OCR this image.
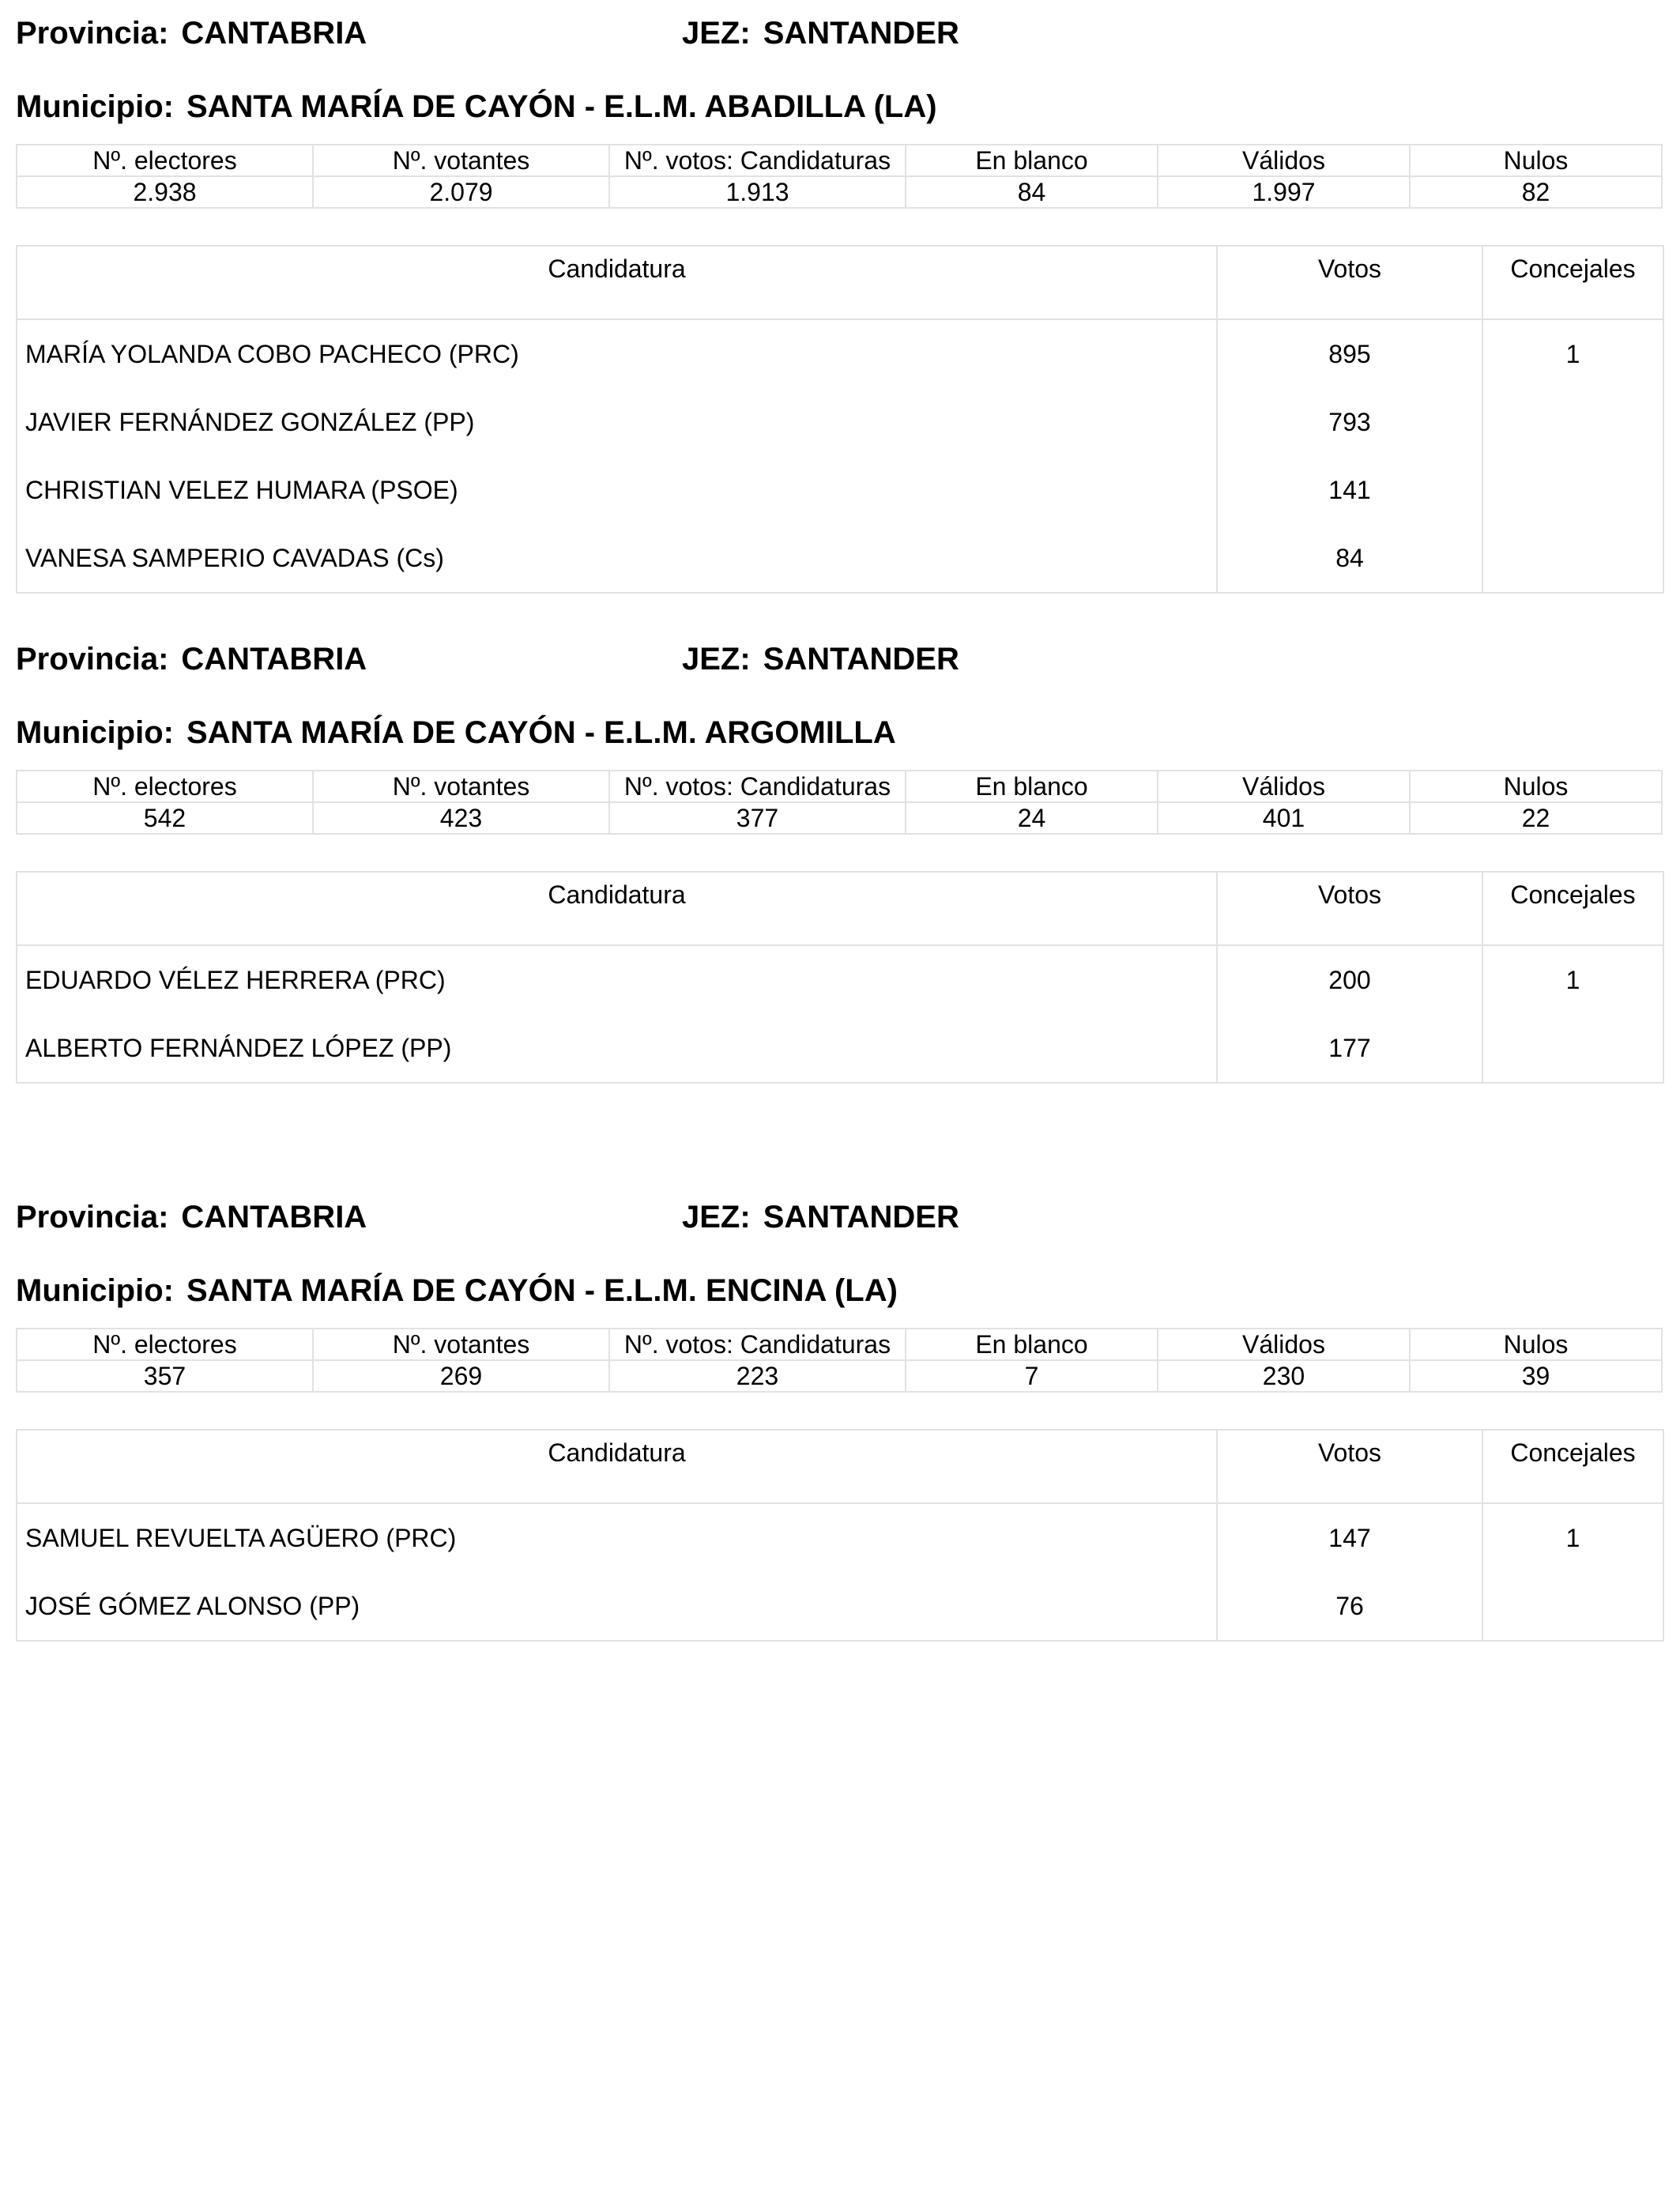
Provincia: CANTABRIA	JEZ: SANTANDER
Municipio: SANTA MARÍA DE CAYÓN - E.L.M. ABADILLA (LA)
Nº. electores	Nº. votantes	Nº. votos: Candidaturas	En blanco	Válidos	Nulos
2.938	2.079	1.913	84	1.997	82
Candidatura	Votos	Concejales
MARÍA YOLANDA COBO PACHECO (PRC)	895	1
JAVIER FERNÁNDEZ GONZÁLEZ (PP)	793	
CHRISTIAN VELEZ HUMARA (PSOE)	141	
VANESA SAMPERIO CAVADAS (Cs)	84	
Provincia: CANTABRIA	JEZ: SANTANDER
Municipio: SANTA MARÍA DE CAYÓN - E.L.M. ARGOMILLA
Nº. electores	Nº. votantes	Nº. votos: Candidaturas	En blanco	Válidos	Nulos
542	423	377	24	401	22
Candidatura	Votos	Concejales
EDUARDO VÉLEZ HERRERA (PRC)	200	1
ALBERTO FERNÁNDEZ LÓPEZ (PP)	177	
Provincia: CANTABRIA	JEZ: SANTANDER
Municipio: SANTA MARÍA DE CAYÓN - E.L.M. ENCINA (LA)
Nº. electores	Nº. votantes	Nº. votos: Candidaturas	En blanco	Válidos	Nulos
357	269	223	7	230	39
Candidatura	Votos	Concejales
SAMUEL REVUELTA AGÜERO (PRC)	147	1
JOSÉ GÓMEZ ALONSO (PP)	76	
